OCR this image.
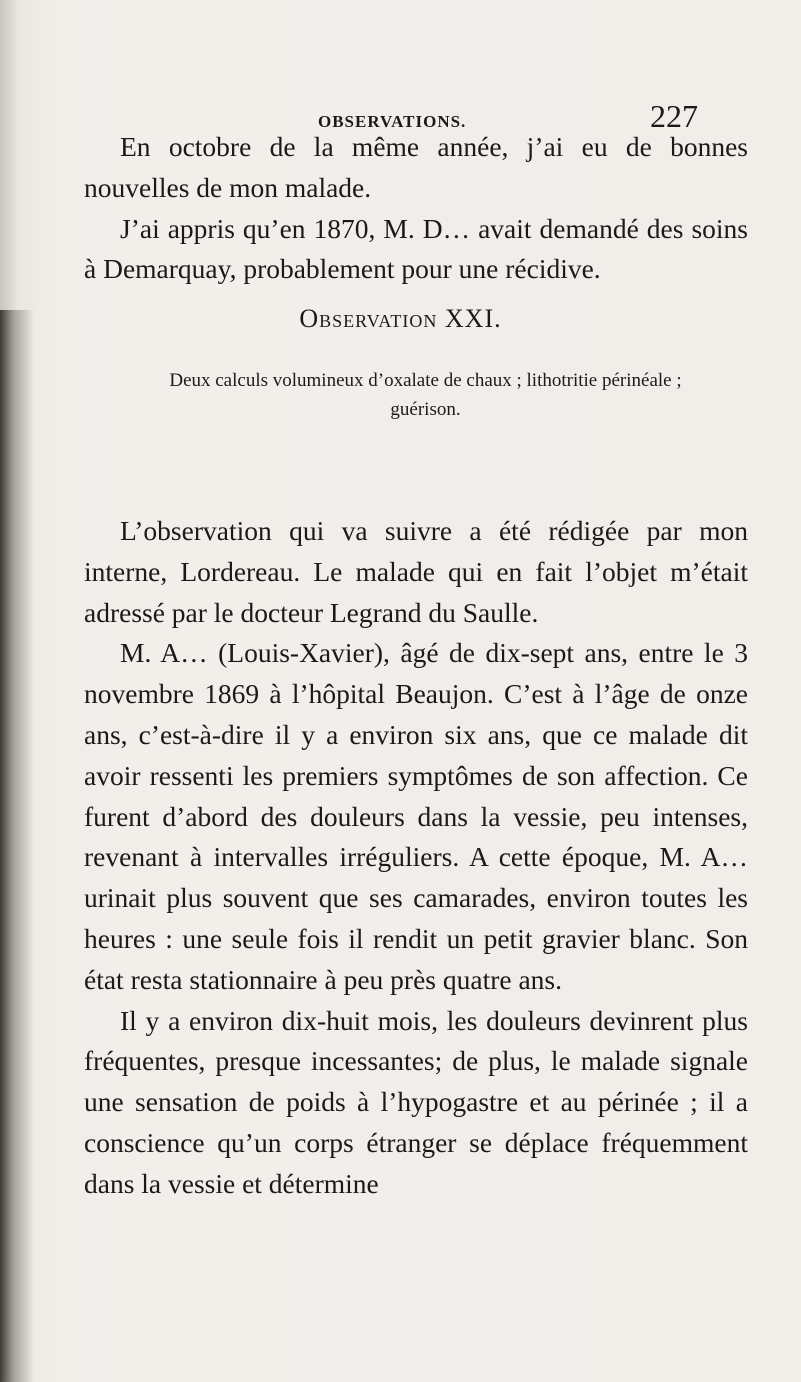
OBSERVATIONS.	227

En octobre de la même année, j’ai eu de bonnes nouvelles de mon malade.

J’ai appris qu’en 1870, M. D… avait demandé des soins à Demarquay, probablement pour une récidive.

Observation XXI.
Deux calculs volumineux d’oxalate de chaux ; lithotritie périnéale ; guérison.

L’observation qui va suivre a été rédigée par mon interne, Lordereau. Le malade qui en fait l’objet m’était adressé par le docteur Legrand du Saulle.

M. A… (Louis-Xavier), âgé de dix-sept ans, entre le 3 novembre 1869 à l’hôpital Beaujon. C’est à l’âge de onze ans, c’est-à-dire il y a environ six ans, que ce malade dit avoir ressenti les premiers symptômes de son affection. Ce furent d’abord des douleurs dans la vessie, peu intenses, revenant à intervalles irréguliers. A cette époque, M. A… urinait plus souvent que ses camarades, environ toutes les heures : une seule fois il rendit un petit gravier blanc. Son état resta stationnaire à peu près quatre ans.

Il y a environ dix-huit mois, les douleurs devinrent plus fréquentes, presque incessantes; de plus, le malade signale une sensation de poids à l’hypogastre et au périnée ; il a conscience qu’un corps étranger se déplace fréquemment dans la vessie et détermine
